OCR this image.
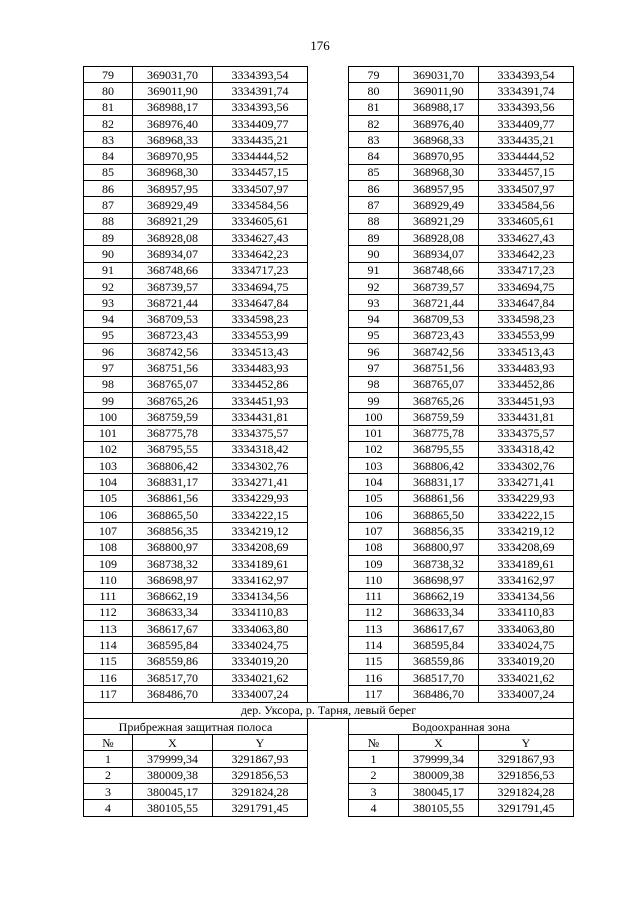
176
79	369031,70	3334393,54		79	369031,70	3334393,54
80	369011,90	3334391,74		80	369011,90	3334391,74
81	368988,17	3334393,56		81	368988,17	3334393,56
82	368976,40	3334409,77		82	368976,40	3334409,77
83	368968,33	3334435,21		83	368968,33	3334435,21
84	368970,95	3334444,52		84	368970,95	3334444,52
85	368968,30	3334457,15		85	368968,30	3334457,15
86	368957,95	3334507,97		86	368957,95	3334507,97
87	368929,49	3334584,56		87	368929,49	3334584,56
88	368921,29	3334605,61		88	368921,29	3334605,61
89	368928,08	3334627,43		89	368928,08	3334627,43
90	368934,07	3334642,23		90	368934,07	3334642,23
91	368748,66	3334717,23		91	368748,66	3334717,23
92	368739,57	3334694,75		92	368739,57	3334694,75
93	368721,44	3334647,84		93	368721,44	3334647,84
94	368709,53	3334598,23		94	368709,53	3334598,23
95	368723,43	3334553,99		95	368723,43	3334553,99
96	368742,56	3334513,43		96	368742,56	3334513,43
97	368751,56	3334483,93		97	368751,56	3334483,93
98	368765,07	3334452,86		98	368765,07	3334452,86
99	368765,26	3334451,93		99	368765,26	3334451,93
100	368759,59	3334431,81		100	368759,59	3334431,81
101	368775,78	3334375,57		101	368775,78	3334375,57
102	368795,55	3334318,42		102	368795,55	3334318,42
103	368806,42	3334302,76		103	368806,42	3334302,76
104	368831,17	3334271,41		104	368831,17	3334271,41
105	368861,56	3334229,93		105	368861,56	3334229,93
106	368865,50	3334222,15		106	368865,50	3334222,15
107	368856,35	3334219,12		107	368856,35	3334219,12
108	368800,97	3334208,69		108	368800,97	3334208,69
109	368738,32	3334189,61		109	368738,32	3334189,61
110	368698,97	3334162,97		110	368698,97	3334162,97
111	368662,19	3334134,56		111	368662,19	3334134,56
112	368633,34	3334110,83		112	368633,34	3334110,83
113	368617,67	3334063,80		113	368617,67	3334063,80
114	368595,84	3334024,75		114	368595,84	3334024,75
115	368559,86	3334019,20		115	368559,86	3334019,20
116	368517,70	3334021,62		116	368517,70	3334021,62
117	368486,70	3334007,24		117	368486,70	3334007,24
дер. Уксора, р. Тарня, левый берег						
Прибрежная защитная полоса				Водоохранная зона		
№	X	Y		№	X	Y
1	379999,34	3291867,93		1	379999,34	3291867,93
2	380009,38	3291856,53		2	380009,38	3291856,53
3	380045,17	3291824,28		3	380045,17	3291824,28
4	380105,55	3291791,45		4	380105,55	3291791,45
